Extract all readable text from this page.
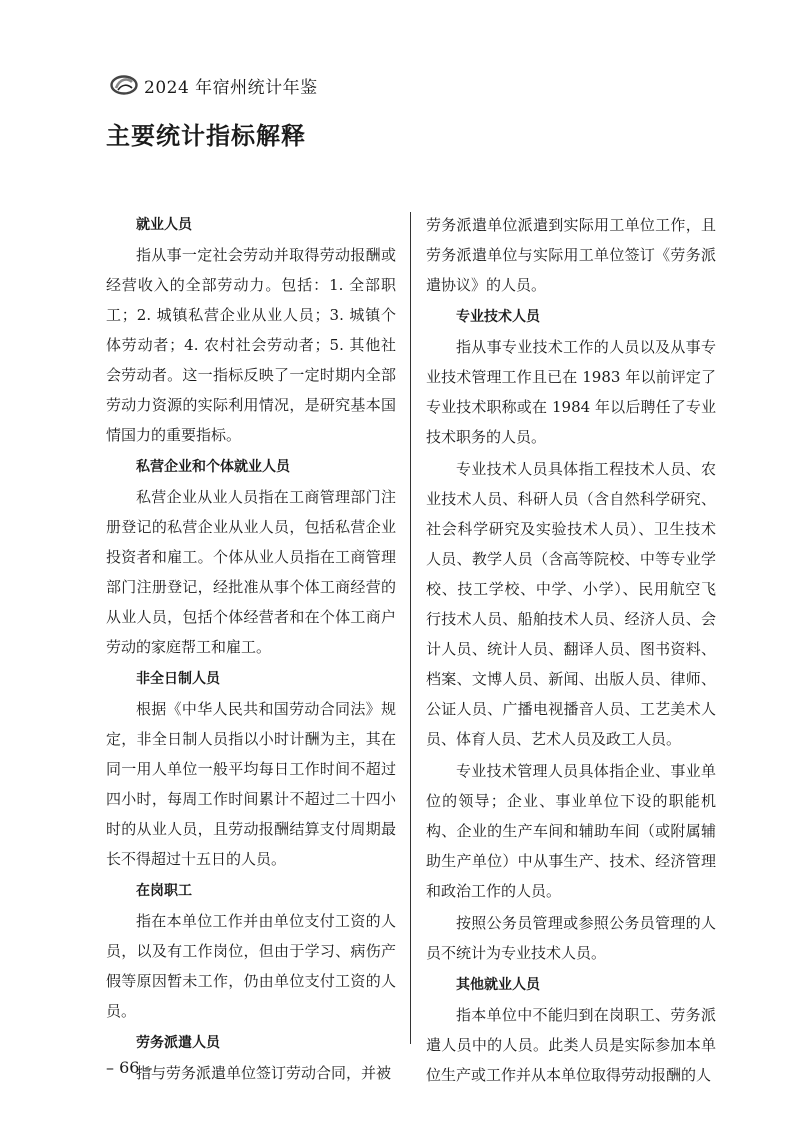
2024 年宿州统计年鉴
主要统计指标解释
就业人员

指从事一定社会劳动并取得劳动报酬或经营收入的全部劳动力。包括：1. 全部职工；2. 城镇私营企业从业人员；3. 城镇个体劳动者；4. 农村社会劳动者；5. 其他社会劳动者。这一指标反映了一定时期内全部劳动力资源的实际利用情况，是研究基本国情国力的重要指标。

私营企业和个体就业人员

私营企业从业人员指在工商管理部门注册登记的私营企业从业人员，包括私营企业投资者和雇工。个体从业人员指在工商管理部门注册登记，经批准从事个体工商经营的从业人员，包括个体经营者和在个体工商户劳动的家庭帮工和雇工。

非全日制人员

根据《中华人民共和国劳动合同法》规定，非全日制人员指以小时计酬为主，其在同一用人单位一般平均每日工作时间不超过四小时，每周工作时间累计不超过二十四小时的从业人员，且劳动报酬结算支付周期最长不得超过十五日的人员。

在岗职工

指在本单位工作并由单位支付工资的人员，以及有工作岗位，但由于学习、病伤产假等原因暂未工作，仍由单位支付工资的人员。

劳务派遣人员

指与劳务派遣单位签订劳动合同，并被

劳务派遣单位派遣到实际用工单位工作，且劳务派遣单位与实际用工单位签订《劳务派遣协议》的人员。

专业技术人员

指从事专业技术工作的人员以及从事专业技术管理工作且已在 1983 年以前评定了专业技术职称或在 1984 年以后聘任了专业技术职务的人员。

专业技术人员具体指工程技术人员、农业技术人员、科研人员（含自然科学研究、社会科学研究及实验技术人员）、卫生技术人员、教学人员（含高等院校、中等专业学校、技工学校、中学、小学）、民用航空飞行技术人员、船舶技术人员、经济人员、会计人员、统计人员、翻译人员、图书资料、档案、文博人员、新闻、出版人员、律师、公证人员、广播电视播音人员、工艺美术人员、体育人员、艺术人员及政工人员。

专业技术管理人员具体指企业、事业单位的领导；企业、事业单位下设的职能机构、企业的生产车间和辅助车间（或附属辅助生产单位）中从事生产、技术、经济管理和政治工作的人员。

按照公务员管理或参照公务员管理的人员不统计为专业技术人员。

其他就业人员

指本单位中不能归到在岗职工、劳务派遣人员中的人员。此类人员是实际参加本单位生产或工作并从本单位取得劳动报酬的人

– 66 –
